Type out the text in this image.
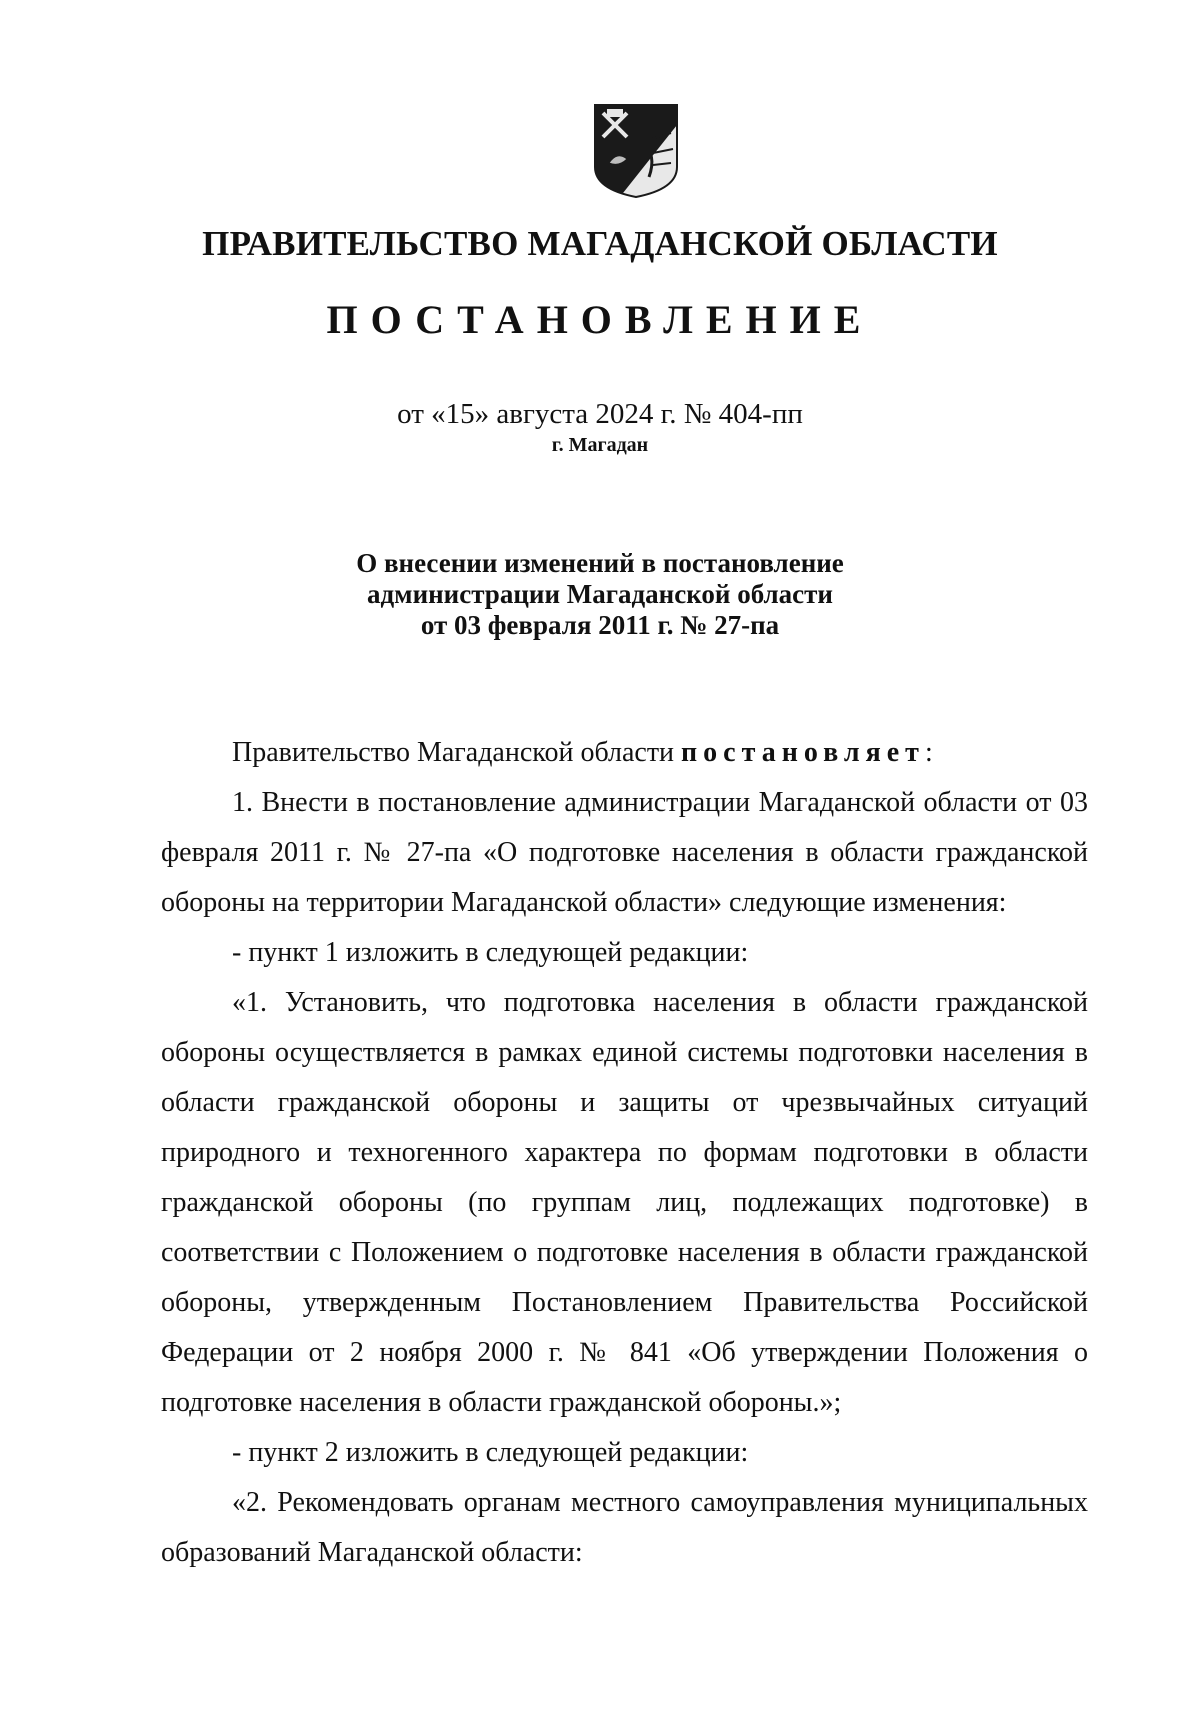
ПРАВИТЕЛЬСТВО МАГАДАНСКОЙ ОБЛАСТИ
ПОСТАНОВЛЕНИЕ
от «15» августа 2024 г. № 404-пп
г. Магадан
О внесении изменений в постановление
администрации Магаданской области
от 03 февраля 2011 г. № 27-па

Правительство Магаданской области постановляет:

1. Внести в постановление администрации Магаданской области от 03 февраля 2011 г. № 27-па «О подготовке населения в области гражданской обороны на территории Магаданской области» следующие изменения:

- пункт 1 изложить в следующей редакции:

«1. Установить, что подготовка населения в области гражданской обороны осуществляется в рамках единой системы подготовки населения в области гражданской обороны и защиты от чрезвычайных ситуаций природного и техногенного характера по формам подготовки в области гражданской обороны (по группам лиц, подлежащих подготовке) в соответствии с Положением о подготовке населения в области гражданской обороны, утвержденным Постановлением Правительства Российской Федерации от 2 ноября 2000 г. № 841 «Об утверждении Положения о подготовке населения в области гражданской обороны.»;

- пункт 2 изложить в следующей редакции:

«2. Рекомендовать органам местного самоуправления муниципальных образований Магаданской области:
